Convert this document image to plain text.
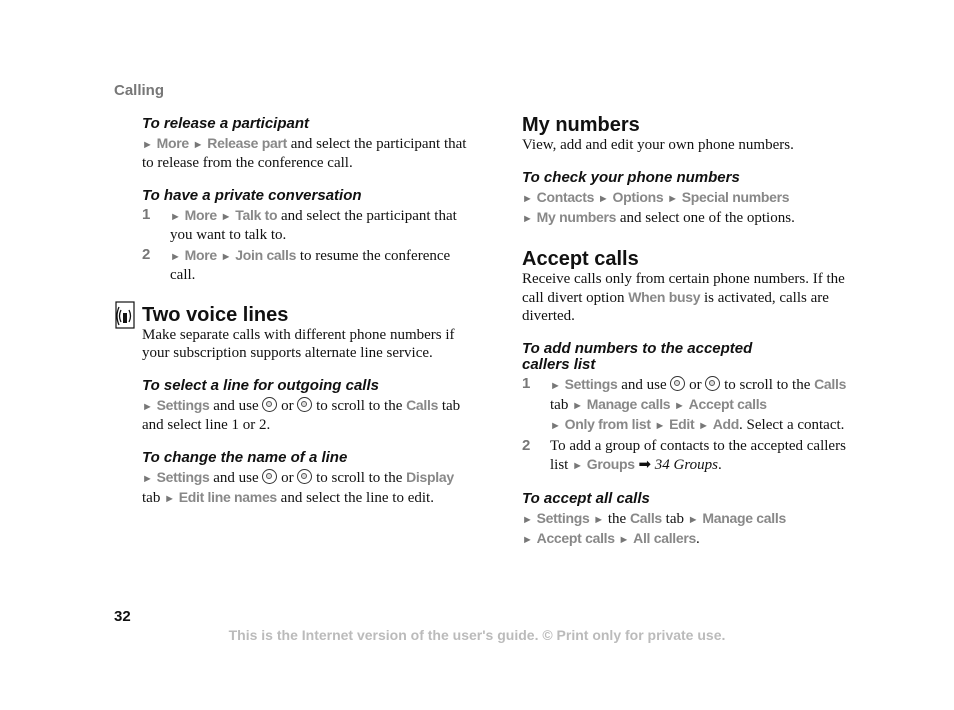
Calling

To release a participant

► More ► Release part and select the participant that to release from the conference call.

To have a private conversation

1 ► More ► Talk to and select the participant that you want to talk to.
2 ► More ► Join calls to resume the conference call.

Two voice lines

Make separate calls with different phone numbers if your subscription supports alternate line service.

To select a line for outgoing calls

► Settings and use  or  to scroll to the Calls tab and select line 1 or 2.

To change the name of a line

► Settings and use  or  to scroll to the Display tab ► Edit line names and select the line to edit.

My numbers

View, add and edit your own phone numbers.

To check your phone numbers

► Contacts ► Options ► Special numbers
► My numbers and select one of the options.

Accept calls

Receive calls only from certain phone numbers. If the call divert option When busy is activated, calls are diverted.

To add numbers to the accepted
callers list

1 ► Settings and use  or  to scroll to the Calls tab ► Manage calls ► Accept calls
► Only from list ► Edit ► Add. Select a contact.
2 To add a group of contacts to the accepted callers list ► Groups ➡ 34 Groups.

To accept all calls

► Settings ► the Calls tab ► Manage calls
► Accept calls ► All callers.

32
This is the Internet version of the user's guide. © Print only for private use.
